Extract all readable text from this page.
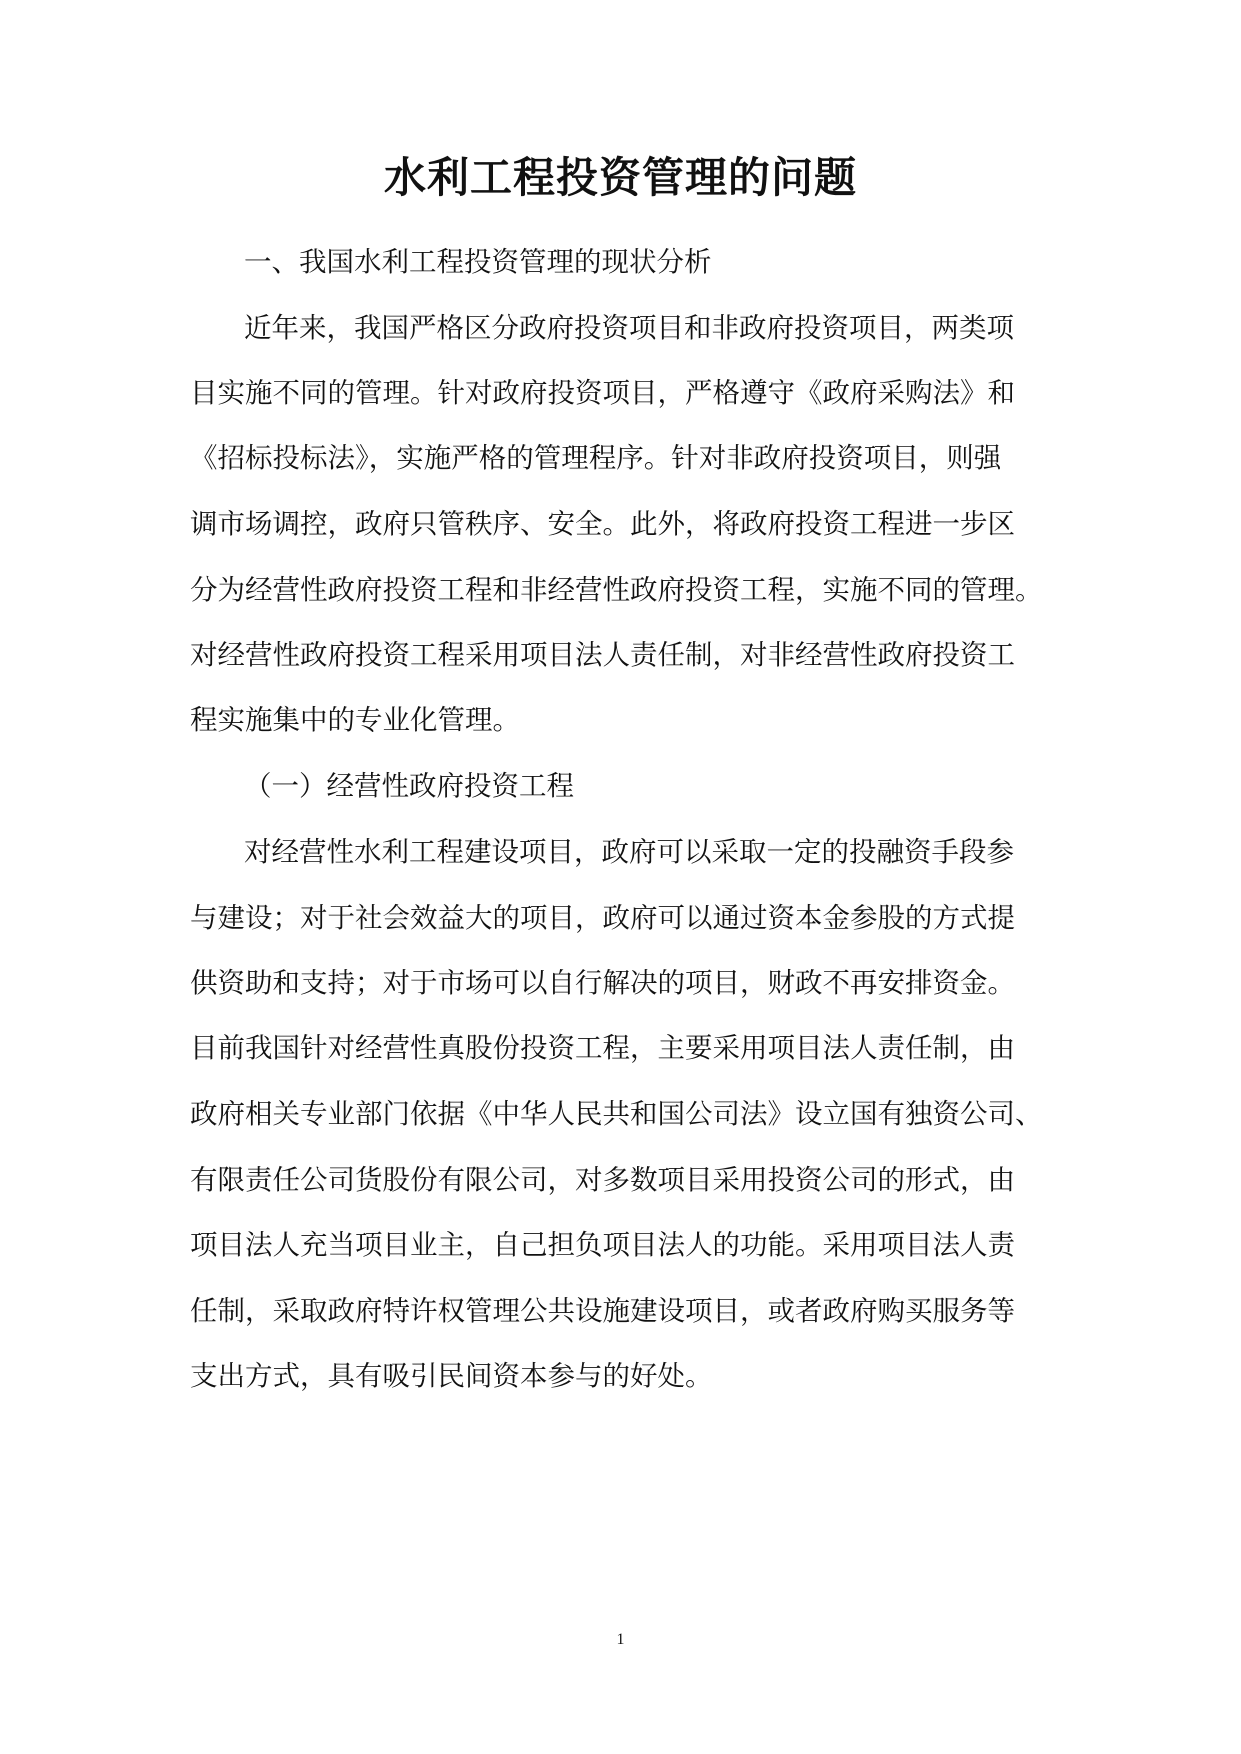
水利工程投资管理的问题
一、我国水利工程投资管理的现状分析
近年来，我国严格区分政府投资项目和非政府投资项目，两类项
目实施不同的管理。针对政府投资项目，严格遵守《政府采购法》和
《招标投标法》，实施严格的管理程序。针对非政府投资项目，则强
调市场调控，政府只管秩序、安全。此外，将政府投资工程进一步区
分为经营性政府投资工程和非经营性政府投资工程，实施不同的管理。
对经营性政府投资工程采用项目法人责任制，对非经营性政府投资工
程实施集中的专业化管理。
（一）经营性政府投资工程
对经营性水利工程建设项目，政府可以采取一定的投融资手段参
与建设；对于社会效益大的项目，政府可以通过资本金参股的方式提
供资助和支持；对于市场可以自行解决的项目，财政不再安排资金。
目前我国针对经营性真股份投资工程，主要采用项目法人责任制，由
政府相关专业部门依据《中华人民共和国公司法》设立国有独资公司、
有限责任公司货股份有限公司，对多数项目采用投资公司的形式，由
项目法人充当项目业主，自己担负项目法人的功能。采用项目法人责
任制，采取政府特许权管理公共设施建设项目，或者政府购买服务等
支出方式，具有吸引民间资本参与的好处。
1
